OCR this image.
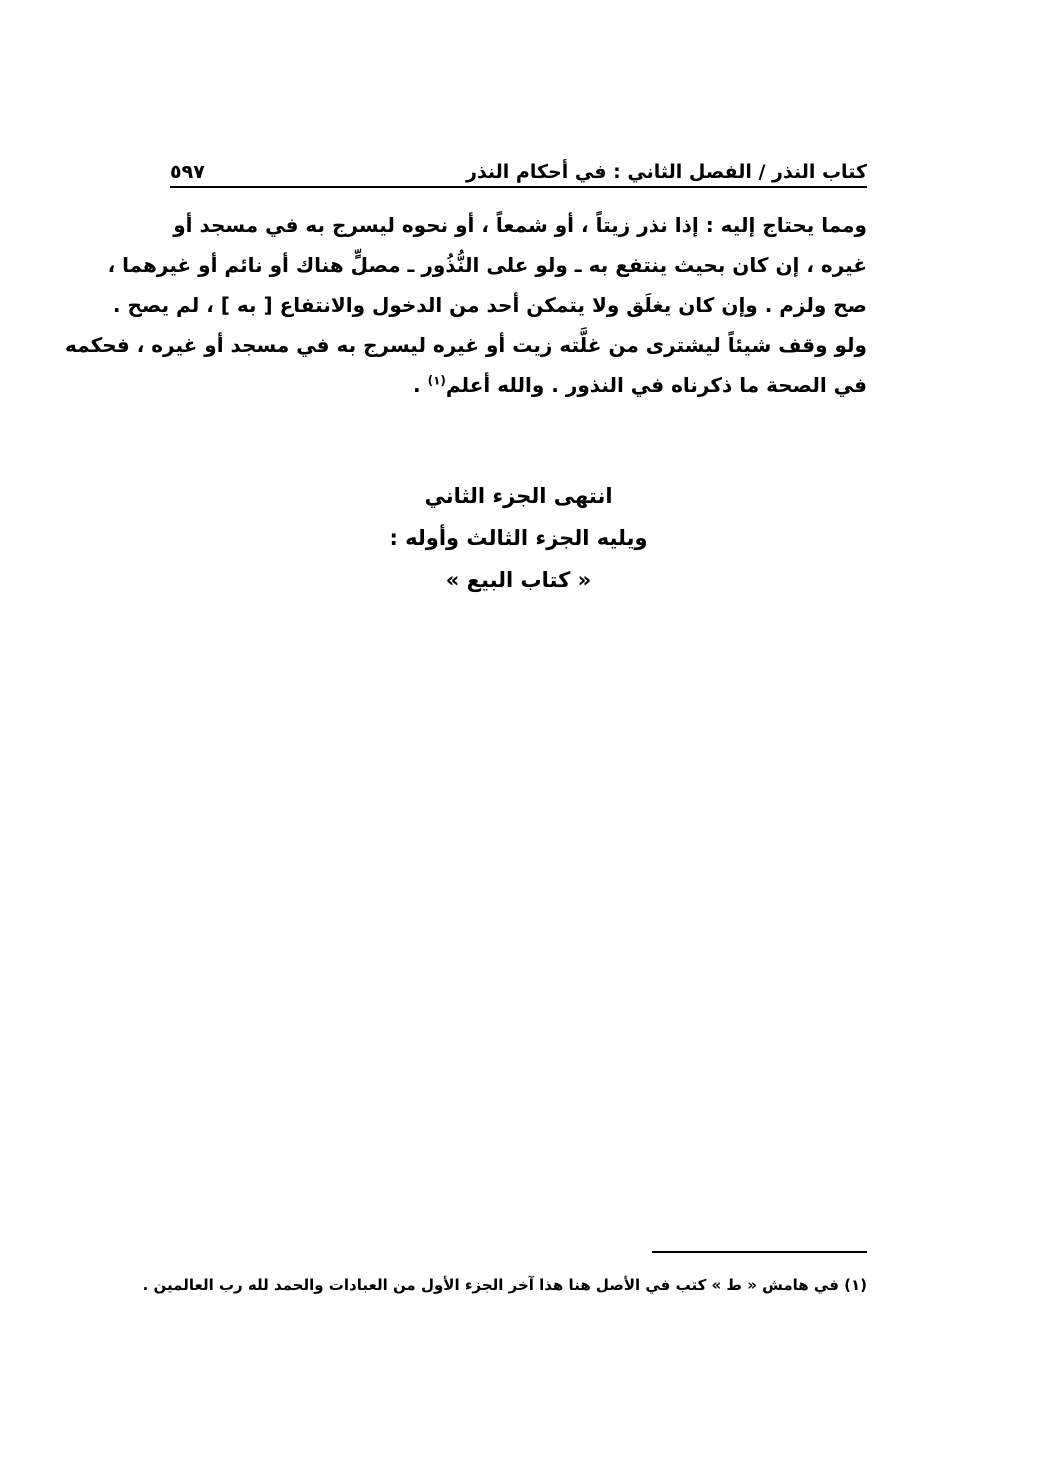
كتاب النذر / الفصل الثاني : في أحكام النذر
٥٩٧
ومما يحتاج إليه : إذا نذر زيتاً ، أو شمعاً ، أو نحوه ليسرج به في مسجد أو
غيره ، إن كان بحيث ينتفع به ـ ولو على النُّذُور ـ مصلٍّ هناك أو نائم أو غيرهما ،
صح ولزم . وإن كان يغلَق ولا يتمكن أحد من الدخول والانتفاع [ به ] ، لم يصح .
ولو وقف شيئاً ليشترى من غلَّته زيت أو غيره ليسرج به في مسجد أو غيره ، فحكمه
في الصحة ما ذكرناه في النذور . والله أعلم$^{(١)}$ .
انتهى الجزء الثاني
ويليه الجزء الثالث وأوله :
« كتاب البيع »
(١) في هامش « ط » كتب في الأصل هنا هذا آخر الجزء الأول من العبادات والحمد لله رب العالمين .
